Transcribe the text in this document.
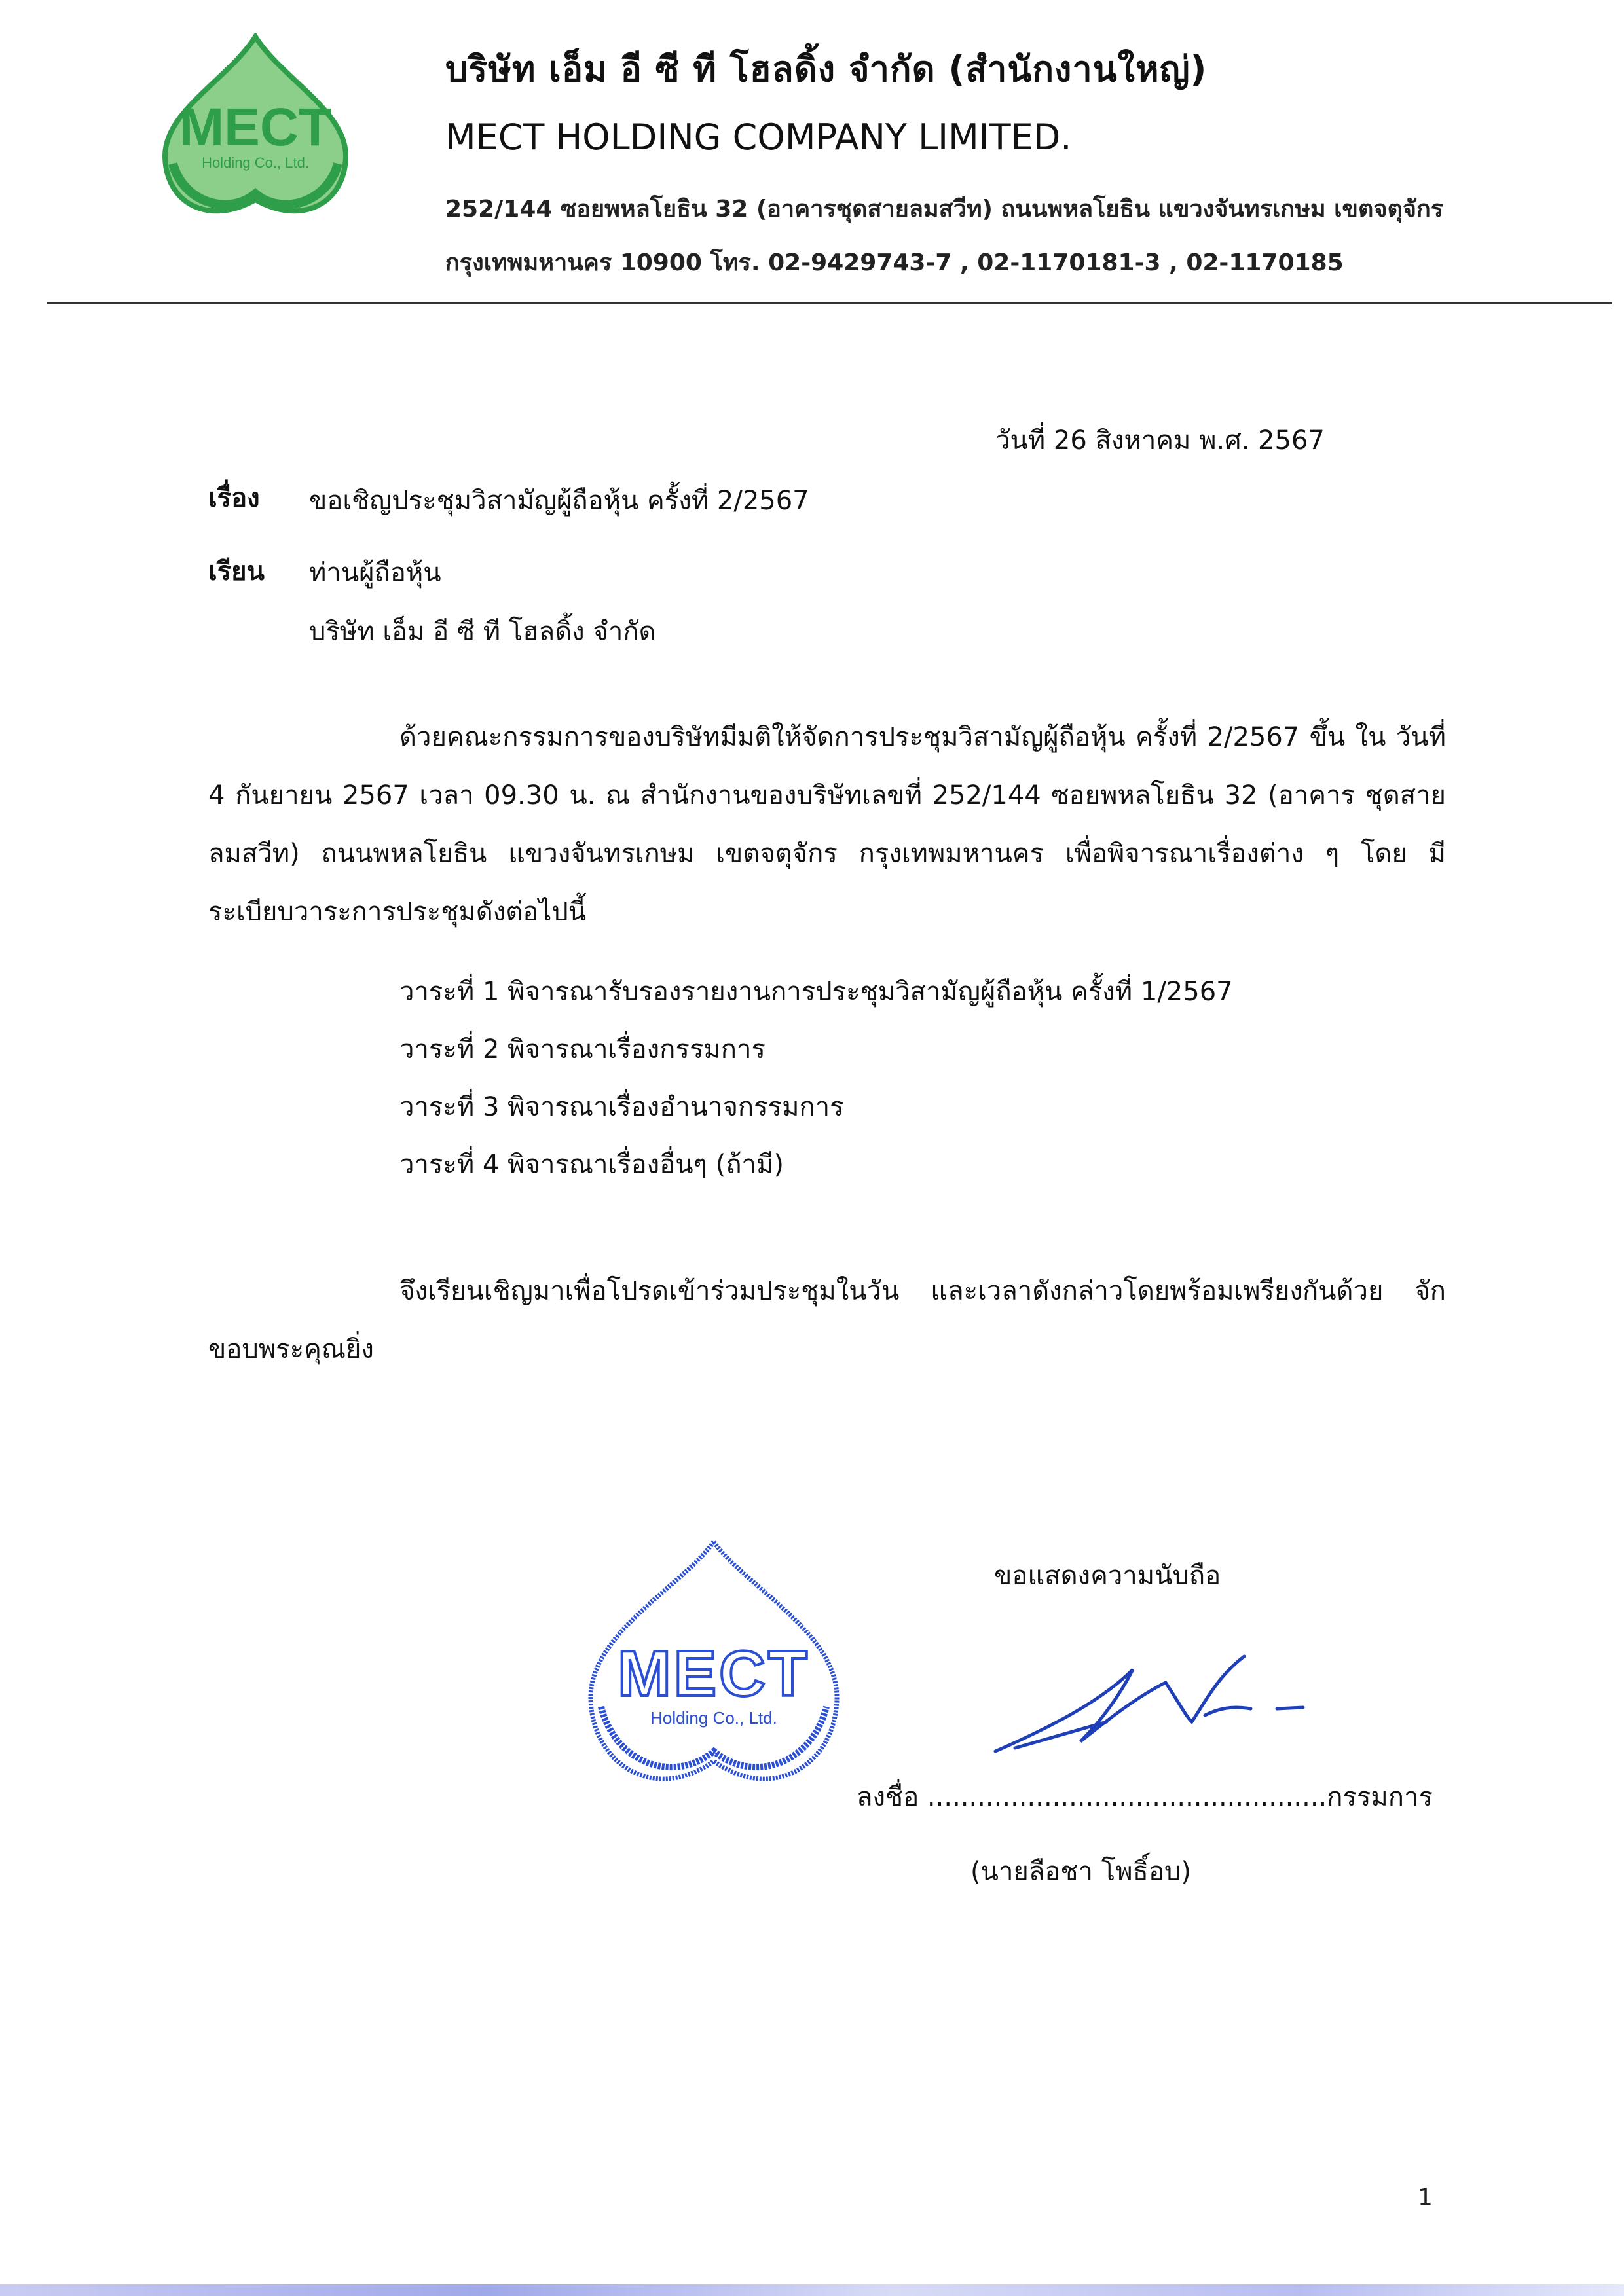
MECT
Holding Co., Ltd.
บริษัท เอ็ม อี ซี ที โฮลดิ้ง จำกัด (สำนักงานใหญ่)
MECT HOLDING COMPANY LIMITED.
252/144 ซอยพหลโยธิน 32 (อาคารชุดสายลมสวีท) ถนนพหลโยธิน แขวงจันทรเกษม เขตจตุจักร
กรุงเทพมหานคร 10900 โทร. 02-9429743-7 , 02-1170181-3 , 02-1170185
วันที่ 26 สิงหาคม พ.ศ. 2567
เรื่อง ขอเชิญประชุมวิสามัญผู้ถือหุ้น ครั้งที่ 2/2567
เรียน ท่านผู้ถือหุ้น
บริษัท เอ็ม อี ซี ที โฮลดิ้ง จำกัด
ด้วยคณะกรรมการของบริษัทมีมติให้จัดการประชุมวิสามัญผู้ถือหุ้น ครั้งที่ 2/2567 ขึ้น ใน วันที่ 4 กันยายน 2567 เวลา 09.30 น. ณ สำนักงานของบริษัทเลขที่ 252/144 ซอยพหลโยธิน 32 (อาคาร ชุดสายลมสวีท) ถนนพหลโยธิน แขวงจันทรเกษม เขตจตุจักร กรุงเทพมหานคร เพื่อพิจารณาเรื่องต่าง ๆ โดย มีระเบียบวาระการประชุมดังต่อไปนี้
วาระที่ 1 พิจารณารับรองรายงานการประชุมวิสามัญผู้ถือหุ้น ครั้งที่ 1/2567
วาระที่ 2 พิจารณาเรื่องกรรมการ
วาระที่ 3 พิจารณาเรื่องอำนาจกรรมการ
วาระที่ 4 พิจารณาเรื่องอื่นๆ (ถ้ามี)
จึงเรียนเชิญมาเพื่อโปรดเข้าร่วมประชุมในวัน และเวลาดังกล่าวโดยพร้อมเพรียงกันด้วย จักขอบพระคุณยิ่ง
ขอแสดงความนับถือ
MECT
Holding Co., Ltd.
ลงชื่อ ................................................กรรมการ
(นายลือชา โพธิ์อบ)
1
